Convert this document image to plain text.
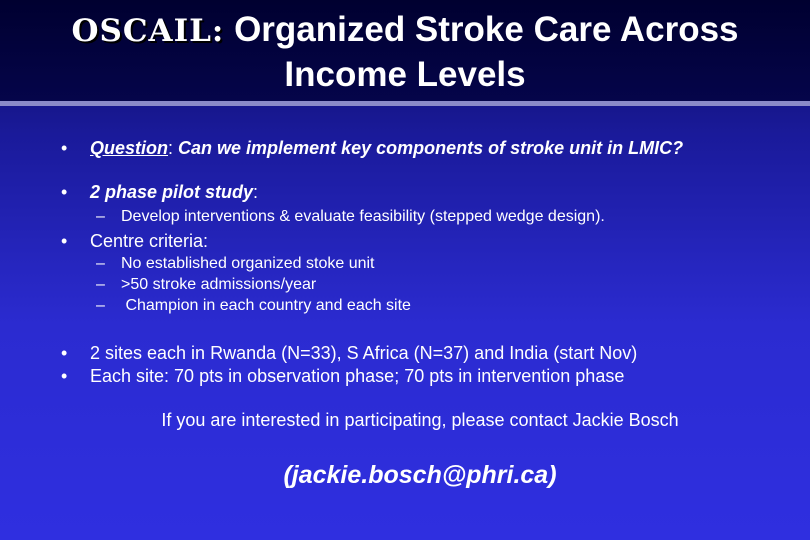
OSCAIL: Organized Stroke Care Across
Income Levels
• Question: Can we implement key components of stroke unit in LMIC?
• 2 phase pilot study:
– Develop interventions & evaluate feasibility (stepped wedge design).
• Centre criteria:
– No established organized stoke unit
– >50 stroke admissions/year
– Champion in each country and each site
• 2 sites each in Rwanda (N=33), S Africa (N=37) and India (start Nov)
• Each site: 70 pts in observation phase; 70 pts in intervention phase
If you are interested in participating, please contact Jackie Bosch
(jackie.bosch@phri.ca)
